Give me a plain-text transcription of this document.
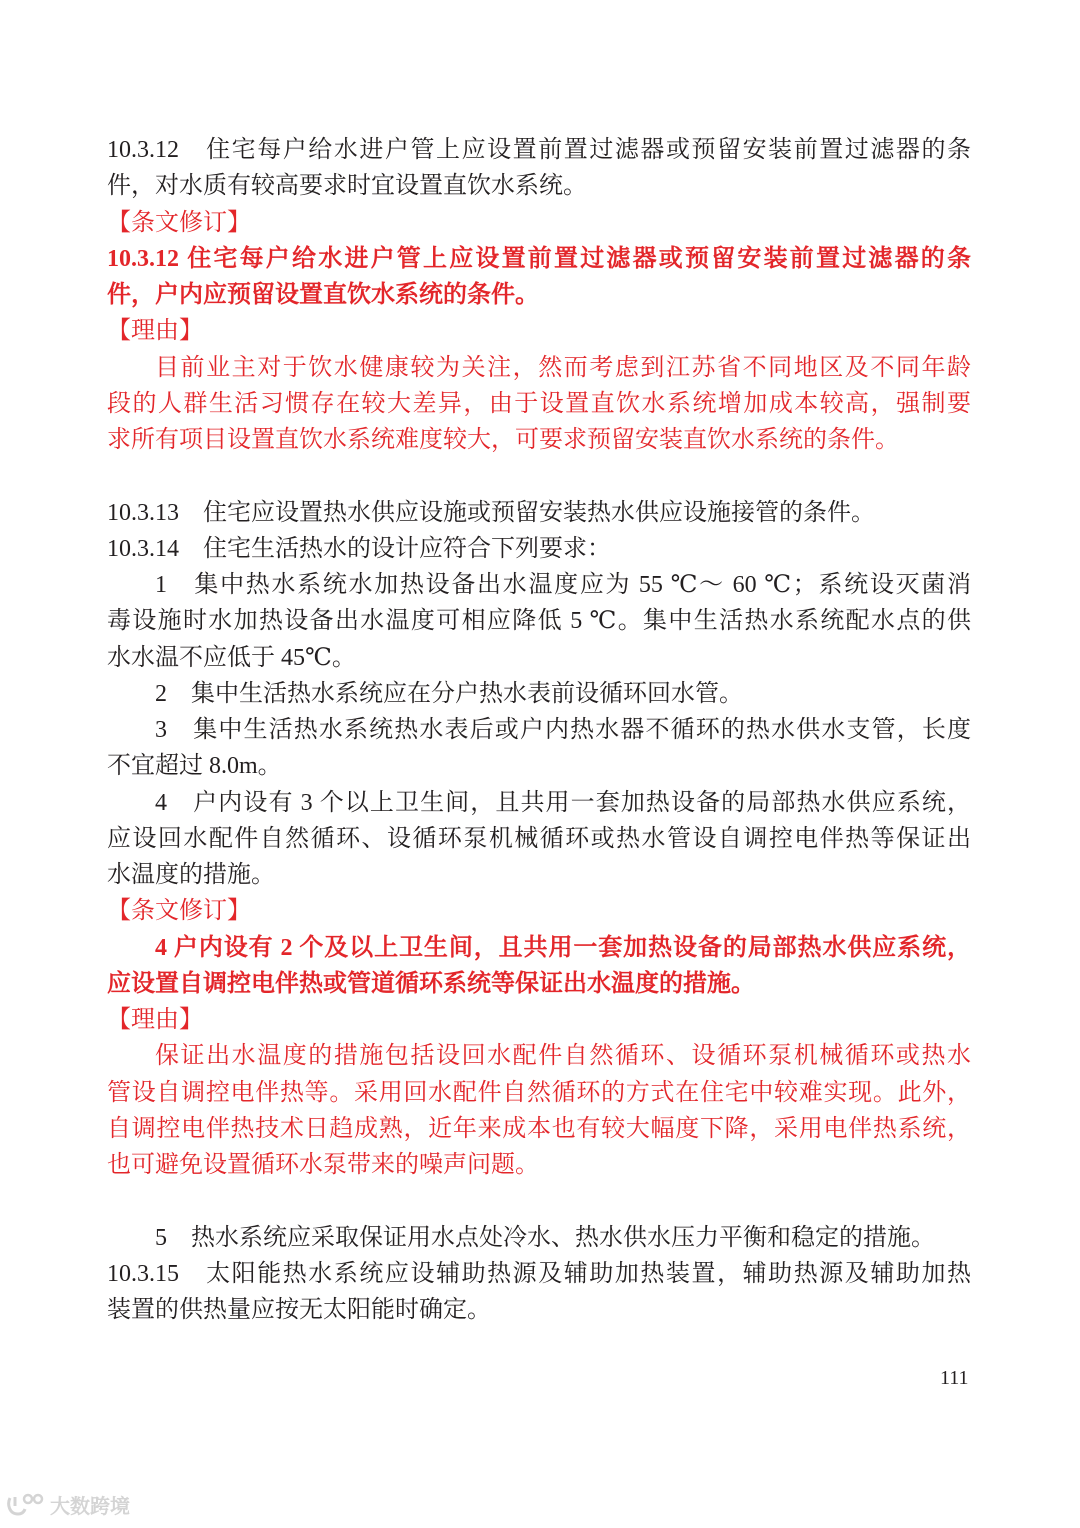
10.3.12　住宅每户给水进户管上应设置前置过滤器或预留安装前置过滤器的条
件，对水质有较高要求时宜设置直饮水系统。
【条文修订】
10.3.12 住宅每户给水进户管上应设置前置过滤器或预留安装前置过滤器的条
件，户内应预留设置直饮水系统的条件。
【理由】
目前业主对于饮水健康较为关注，然而考虑到江苏省不同地区及不同年龄
段的人群生活习惯存在较大差异，由于设置直饮水系统增加成本较高，强制要
求所有项目设置直饮水系统难度较大，可要求预留安装直饮水系统的条件。
10.3.13　住宅应设置热水供应设施或预留安装热水供应设施接管的条件。
10.3.14　住宅生活热水的设计应符合下列要求：
1　集中热水系统水加热设备出水温度应为 55 ℃～ 60 ℃；系统设灭菌消
毒设施时水加热设备出水温度可相应降低 5 ℃。集中生活热水系统配水点的供
水水温不应低于 45℃。
2　集中生活热水系统应在分户热水表前设循环回水管。
3　集中生活热水系统热水表后或户内热水器不循环的热水供水支管，长度
不宜超过 8.0m。
4　户内设有 3 个以上卫生间，且共用一套加热设备的局部热水供应系统，
应设回水配件自然循环、设循环泵机械循环或热水管设自调控电伴热等保证出
水温度的措施。
【条文修订】
4 户内设有 2 个及以上卫生间，且共用一套加热设备的局部热水供应系统，
应设置自调控电伴热或管道循环系统等保证出水温度的措施。
【理由】
保证出水温度的措施包括设回水配件自然循环、设循环泵机械循环或热水
管设自调控电伴热等。采用回水配件自然循环的方式在住宅中较难实现。此外，
自调控电伴热技术日趋成熟，近年来成本也有较大幅度下降，采用电伴热系统，
也可避免设置循环水泵带来的噪声问题。
5　热水系统应采取保证用水点处冷水、热水供水压力平衡和稳定的措施。
10.3.15　太阳能热水系统应设辅助热源及辅助加热装置，辅助热源及辅助加热
装置的供热量应按无太阳能时确定。
111
大数跨境
